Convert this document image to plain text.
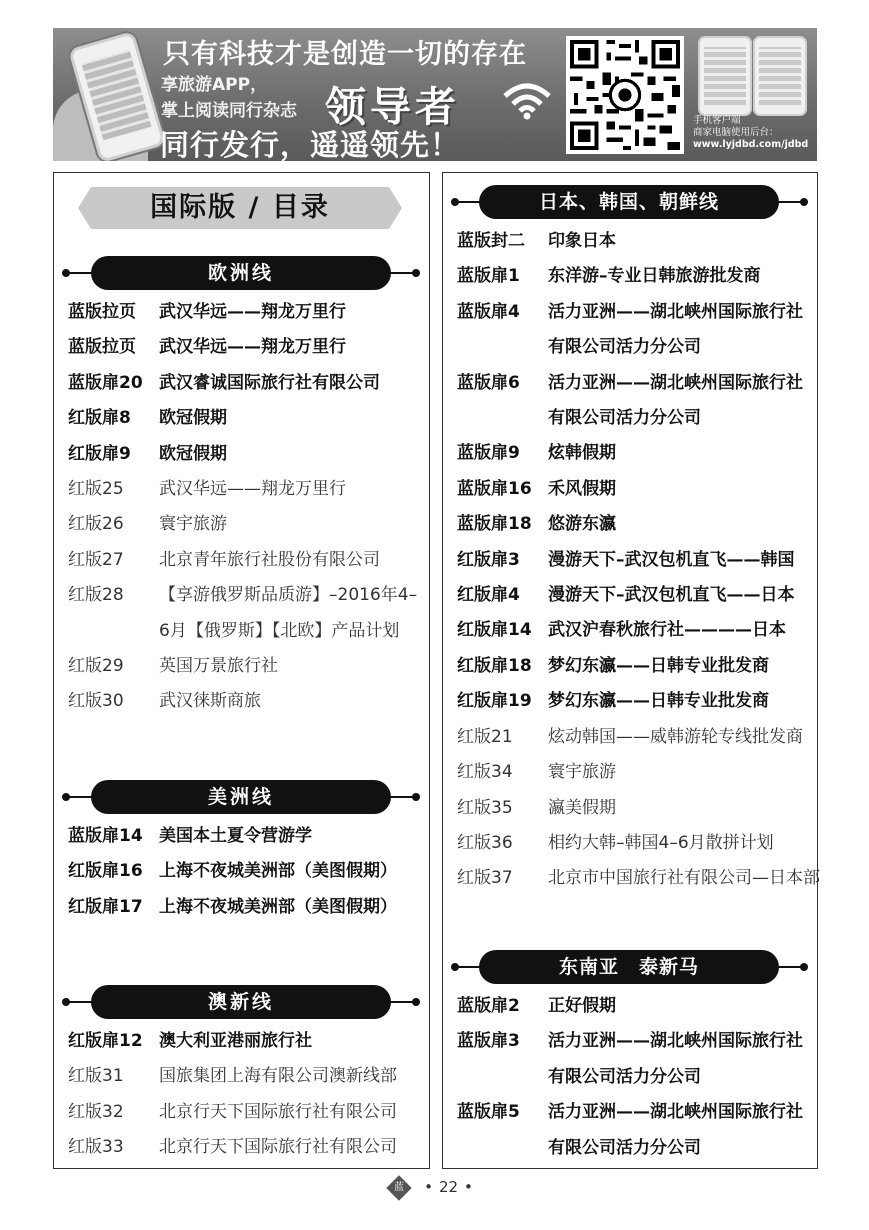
只有科技才是创造一切的存在
享旅游APP，
掌上阅读同行杂志 领导者
同行发行，遥遥领先！
手机客户端
商家电脑使用后台：
www.lyjdbd.com/jdbd
国际版 / 目录
欧洲线
蓝版拉页	武汉华远——翔龙万里行
蓝版拉页	武汉华远——翔龙万里行
蓝版扉20 武汉睿诚国际旅行社有限公司
红版扉8	欧冠假期
红版扉9	欧冠假期
红版25	武汉华远——翔龙万里行
红版26	寰宇旅游
红版27	北京青年旅行社股份有限公司
红版28	【享游俄罗斯品质游】–2016年4–
6月【俄罗斯】【北欧】产品计划
红版29	英国万景旅行社
红版30	武汉徕斯商旅
美洲线
蓝版扉14 美国本土夏令营游学
红版扉16 上海不夜城美洲部（美图假期）
红版扉17 上海不夜城美洲部（美图假期）
澳新线
红版扉12 澳大利亚港丽旅行社
红版31	国旅集团上海有限公司澳新线部
红版32	北京行天下国际旅行社有限公司
红版33	北京行天下国际旅行社有限公司
日本、韩国、朝鲜线
蓝版封二	印象日本
蓝版扉1	东洋游–专业日韩旅游批发商
蓝版扉4	活力亚洲——湖北峡州国际旅行社
有限公司活力分公司
蓝版扉6	活力亚洲——湖北峡州国际旅行社
有限公司活力分公司
蓝版扉9	炫韩假期
蓝版扉16 禾风假期
蓝版扉18 悠游东瀛
红版扉3	漫游天下–武汉包机直飞——韩国
红版扉4	漫游天下–武汉包机直飞——日本
红版扉14 武汉沪春秋旅行社————日本
红版扉18 梦幻东瀛——日韩专业批发商
红版扉19 梦幻东瀛——日韩专业批发商
红版21	炫动韩国——威韩游轮专线批发商
红版34	寰宇旅游
红版35	瀛美假期
红版36	相约大韩–韩国4–6月散拼计划
红版37	北京市中国旅行社有限公司—日本部
东南亚　泰新马
蓝版扉2	正好假期
蓝版扉3	活力亚洲——湖北峡州国际旅行社
有限公司活力分公司
蓝版扉5	活力亚洲——湖北峡州国际旅行社
有限公司活力分公司
蓝 • 22 •
